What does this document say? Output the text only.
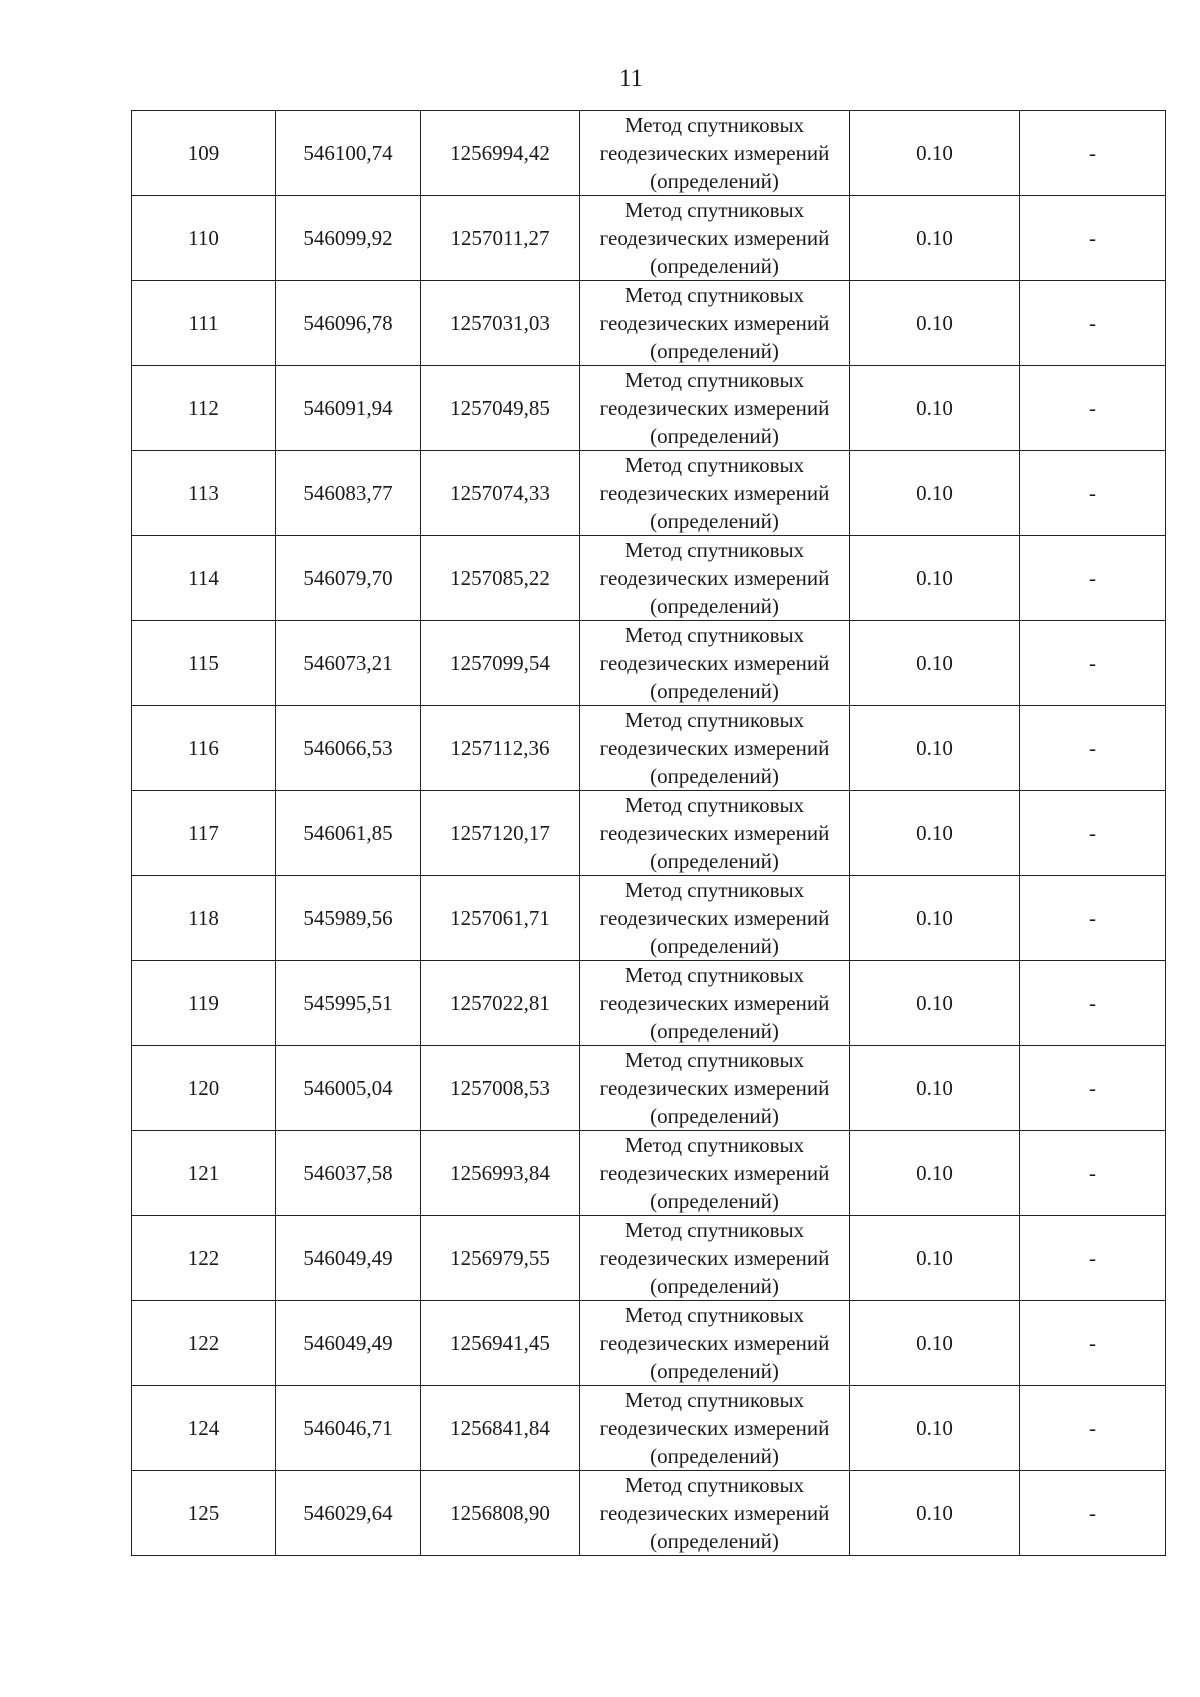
11
109	546100,74	1256994,42	Метод спутниковых
геодезических измерений
(определений)	0.10	-
110	546099,92	1257011,27	Метод спутниковых
геодезических измерений
(определений)	0.10	-
111	546096,78	1257031,03	Метод спутниковых
геодезических измерений
(определений)	0.10	-
112	546091,94	1257049,85	Метод спутниковых
геодезических измерений
(определений)	0.10	-
113	546083,77	1257074,33	Метод спутниковых
геодезических измерений
(определений)	0.10	-
114	546079,70	1257085,22	Метод спутниковых
геодезических измерений
(определений)	0.10	-
115	546073,21	1257099,54	Метод спутниковых
геодезических измерений
(определений)	0.10	-
116	546066,53	1257112,36	Метод спутниковых
геодезических измерений
(определений)	0.10	-
117	546061,85	1257120,17	Метод спутниковых
геодезических измерений
(определений)	0.10	-
118	545989,56	1257061,71	Метод спутниковых
геодезических измерений
(определений)	0.10	-
119	545995,51	1257022,81	Метод спутниковых
геодезических измерений
(определений)	0.10	-
120	546005,04	1257008,53	Метод спутниковых
геодезических измерений
(определений)	0.10	-
121	546037,58	1256993,84	Метод спутниковых
геодезических измерений
(определений)	0.10	-
122	546049,49	1256979,55	Метод спутниковых
геодезических измерений
(определений)	0.10	-
122	546049,49	1256941,45	Метод спутниковых
геодезических измерений
(определений)	0.10	-
124	546046,71	1256841,84	Метод спутниковых
геодезических измерений
(определений)	0.10	-
125	546029,64	1256808,90	Метод спутниковых
геодезических измерений
(определений)	0.10	-
